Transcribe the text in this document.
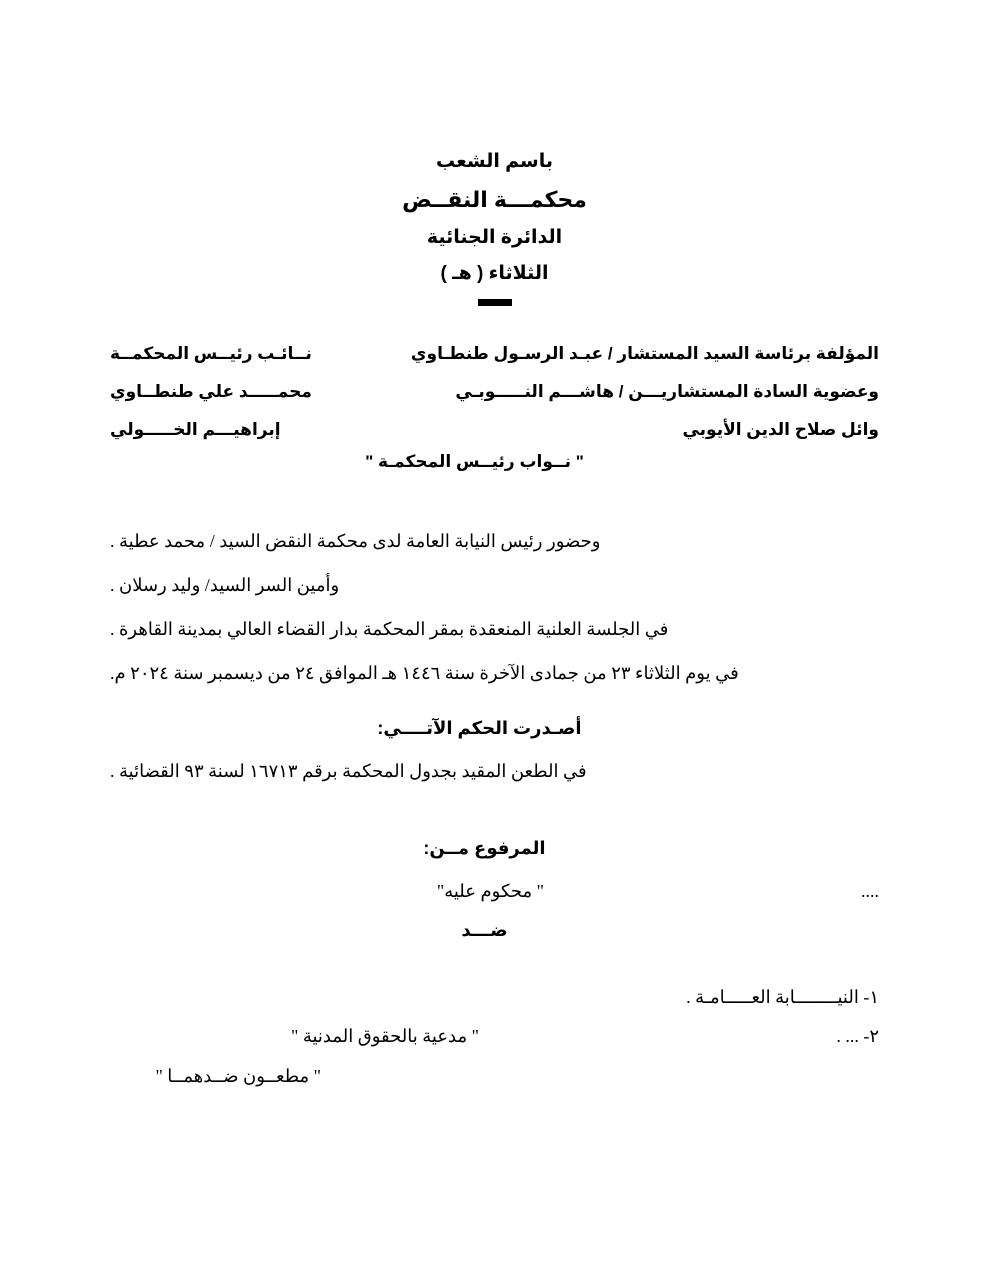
باسم الشعب
محكمـــة النقــض
الدائرة الجنائية
الثلاثاء ( هـ )
المؤلفة برئاسة السيد المستشار / عبـد الرسـول طنطـاوي
نــائـب رئيــس المحكمــة
وعضوية السادة المستشاريـــن / هاشـــم النـــــوبـي
محمـــــد علي طنطــاوي
وائل صلاح الدين الأيوبي
إبراهيـــم الخـــــولي
" نــواب رئيــس المحكمـة "
وحضور رئيس النيابة العامة لدى محكمة النقض السيد / محمد عطية .
وأمين السر السيد/ وليد رسلان .
في الجلسة العلنية المنعقدة بمقر المحكمة بدار القضاء العالي بمدينة القاهرة .
في يوم الثلاثاء ٢٣ من جمادى الآخرة سنة ١٤٤٦ هـ الموافق ٢٤ من ديسمبر سنة ٢٠٢٤ م.
أصـدرت الحكم الآتــــي:
في الطعن المقيد بجدول المحكمة برقم ١٦٧١٣ لسنة ٩٣ القضائية .
المرفوع مــن:
....
" محكوم عليه"
ضـــد
١- النيــــــــابة العـــــامـة .
٢- ... .
" مدعية بالحقوق المدنية "
" مطعــون ضــدهمــا "
